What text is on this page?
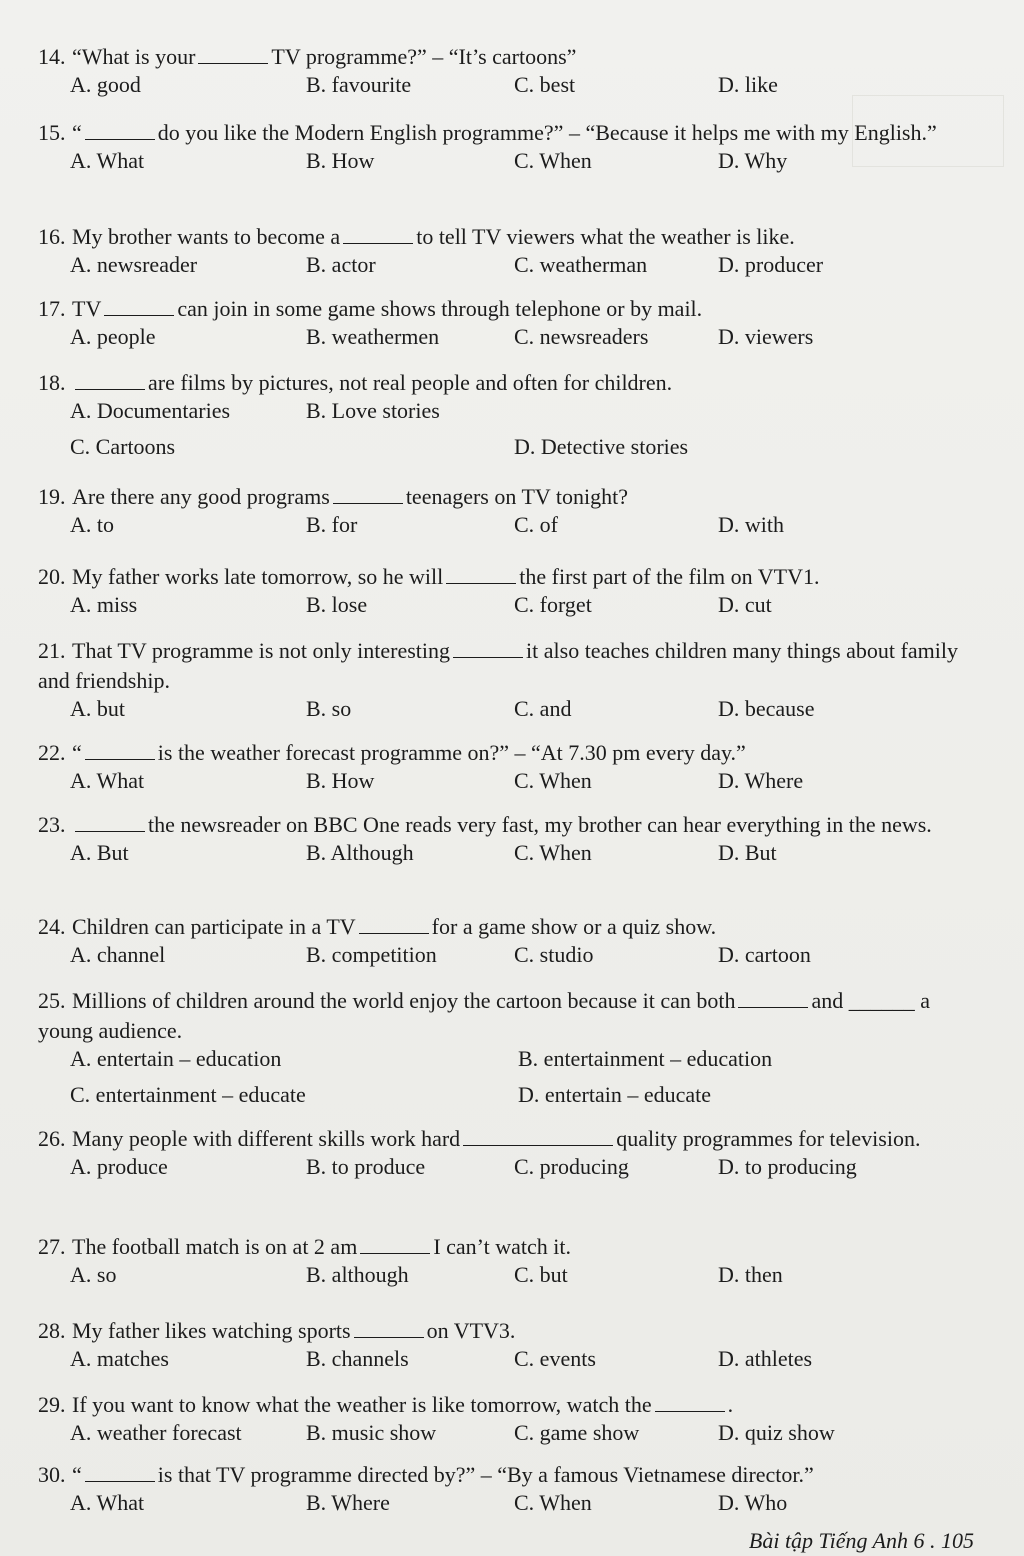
14. “What is your	TV programme?” – “It’s cartoons”

A. good	B. favourite	C. best	D. like

15. “	do you like the Modern English programme?” – “Because it helps me with my English.”

A. What	B. How	C. When	D. Why

16. My brother wants to become a	to tell TV viewers what the weather is like.

A. newsreader	B. actor	C. weatherman	D. producer

17. TV	can join in some game shows through telephone or by mail.

A. people	B. weathermen	C. newsreaders	D. viewers

18.	are films by pictures, not real people and often for children.

A. Documentaries	B. Love stories
C. Cartoons	D. Detective stories

19. Are there any good programs	teenagers on TV tonight?

A. to	B. for	C. of	D. with

20. My father works late tomorrow, so he will	the first part of the film on VTV1.

A. miss	B. lose	C. forget	D. cut

21. That TV programme is not only interesting	it also teaches children many things about family and friendship.

A. but	B. so	C. and	D. because

22. “	is the weather forecast programme on?” – “At 7.30 pm every day.”

A. What	B. How	C. When	D. Where

23.	the newsreader on BBC One reads very fast, my brother can hear everything in the news.

A. But	B. Although	C. When	D. But

24. Children can participate in a TV	for a game show or a quiz show.

A. channel	B. competition	C. studio	D. cartoon

25. Millions of children around the world enjoy the cartoon because it can both	and ______ a young audience.

A. entertain – education	B. entertainment – education
C. entertainment – educate	D. entertain – educate

26. Many people with different skills work hard	quality programmes for television.

A. produce	B. to produce	C. producing	D. to producing

27. The football match is on at 2 am	I can’t watch it.

A. so	B. although	C. but	D. then

28. My father likes watching sports	on VTV3.

A. matches	B. channels	C. events	D. athletes

29. If you want to know what the weather is like tomorrow, watch the	.

A. weather forecast	B. music show	C. game show	D. quiz show

30. “	is that TV programme directed by?” – “By a famous Vietnamese director.”

A. What	B. Where	C. When	D. Who
Bài tập Tiếng Anh 6 . 105
